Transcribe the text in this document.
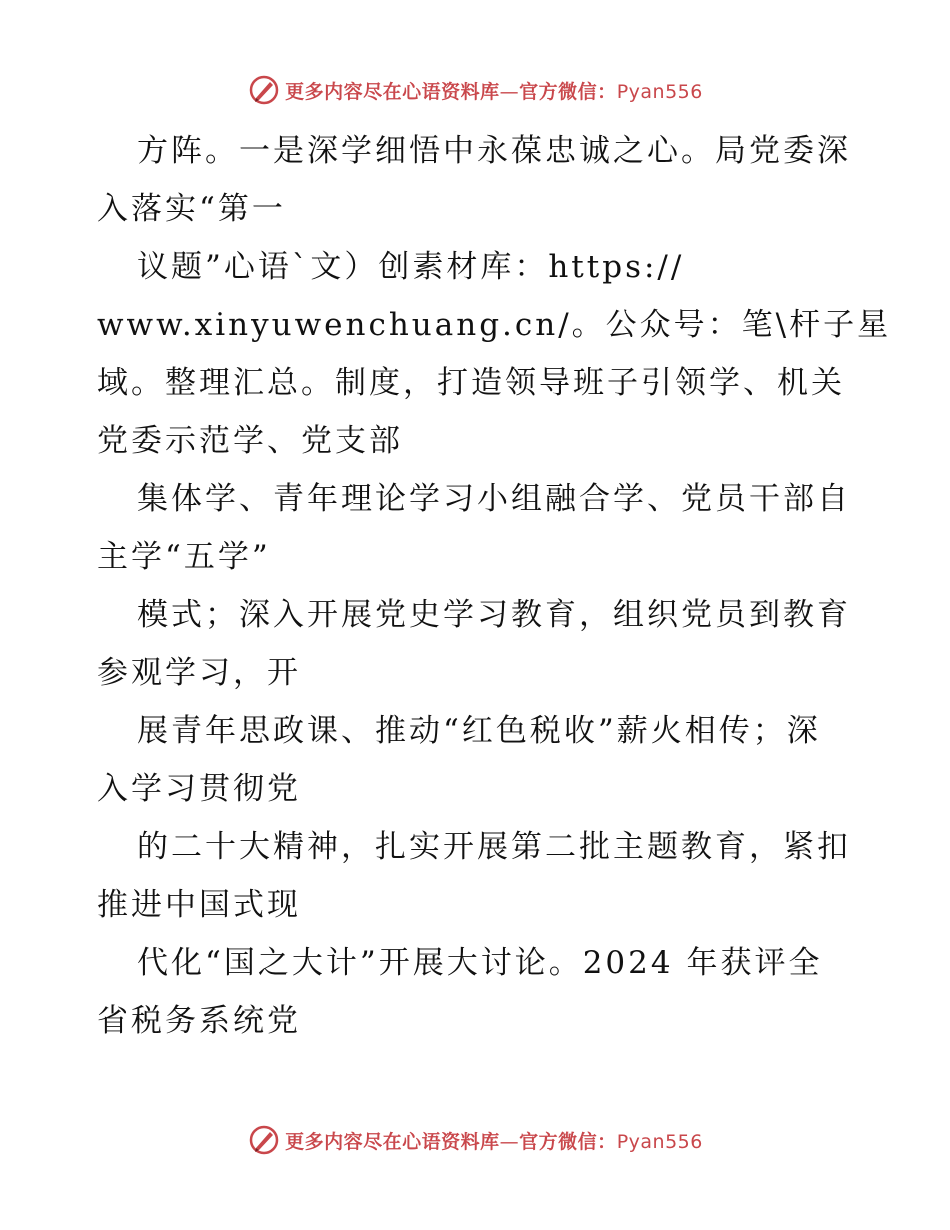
更多内容尽在心语资料库—官方微信：Pyan556
方阵。一是深学细悟中永葆忠诚之心。局党委深
入落实“第一
议题”心语`文）创素材库：https://
www.xinyuwenchuang.cn/。公众号：笔\杆子星
域。整理汇总。制度，打造领导班子引领学、机关
党委示范学、党支部
集体学、青年理论学习小组融合学、党员干部自
主学“五学”
模式；深入开展党史学习教育，组织党员到教育
参观学习，开
展青年思政课、推动“红色税收”薪火相传；深
入学习贯彻党
的二十大精神，扎实开展第二批主题教育，紧扣
推进中国式现
代化“国之大计”开展大讨论。2024 年获评全
省税务系统党
更多内容尽在心语资料库—官方微信：Pyan556
